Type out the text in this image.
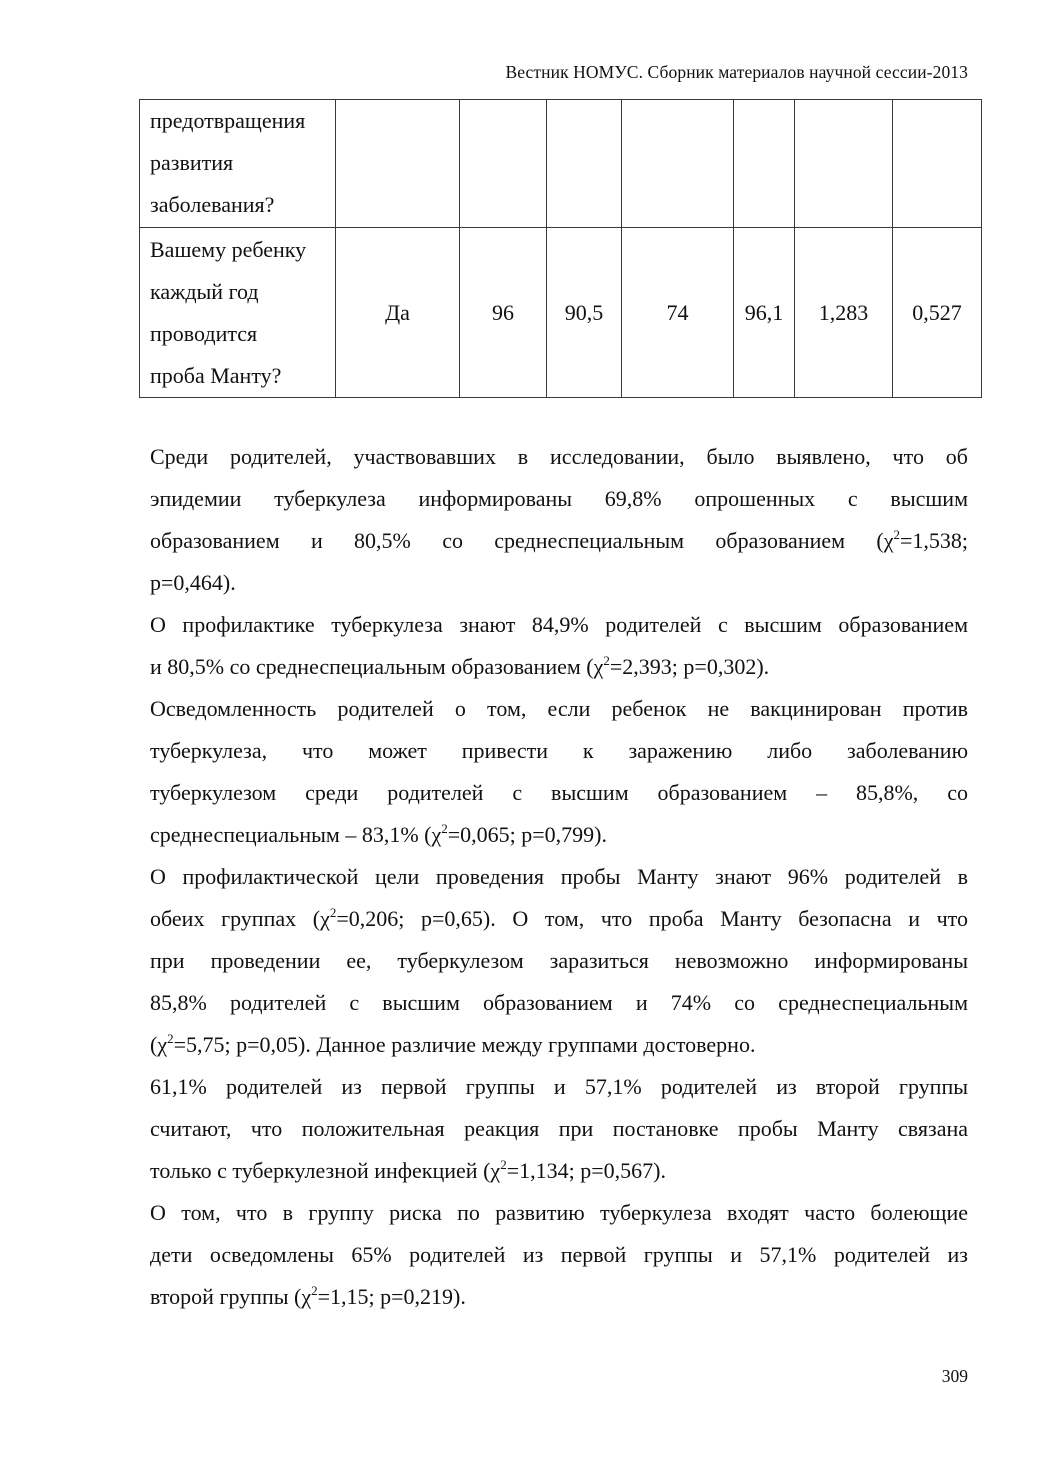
Вестник НОМУС. Сборник материалов научной сессии-2013
предотвращения
развития
заболевания?							

Вашему ребенку
каждый год
проводится
проба Манту?	Да	96	90,5	74	96,1	1,283	0,527

Среди родителей, участвовавших в исследовании, было выявлено, что об
эпидемии туберкулеза информированы 69,8% опрошенных с высшим
образованием и 80,5% со среднеспециальным образованием ($\chi^2=1,538$;
p=0,464).

О профилактике туберкулеза знают 84,9% родителей с высшим образованием
и 80,5% со среднеспециальным образованием ($\chi^2=2,393$; p=0,302).

Осведомленность родителей о том, если ребенок не вакцинирован против
туберкулеза, что может привести к заражению либо заболеванию
туберкулезом среди родителей с высшим образованием – 85,8%, со
среднеспециальным – 83,1% ($\chi^2=0,065$; p=0,799).

О профилактической цели проведения пробы Манту знают 96% родителей в
обеих группах ($\chi^2=0,206$; p=0,65). О том, что проба Манту безопасна и что
при проведении ее, туберкулезом заразиться невозможно информированы
85,8% родителей с высшим образованием и 74% со среднеспециальным
($\chi^2=5,75$; p=0,05). Данное различие между группами достоверно.

61,1% родителей из первой группы и 57,1% родителей из второй группы
считают, что положительная реакция при постановке пробы Манту связана
только с туберкулезной инфекцией ($\chi^2=1,134$; p=0,567).

О том, что в группу риска по развитию туберкулеза входят часто болеющие
дети осведомлены 65% родителей из первой группы и 57,1% родителей из
второй группы ($\chi^2=1,15$; p=0,219).

309
